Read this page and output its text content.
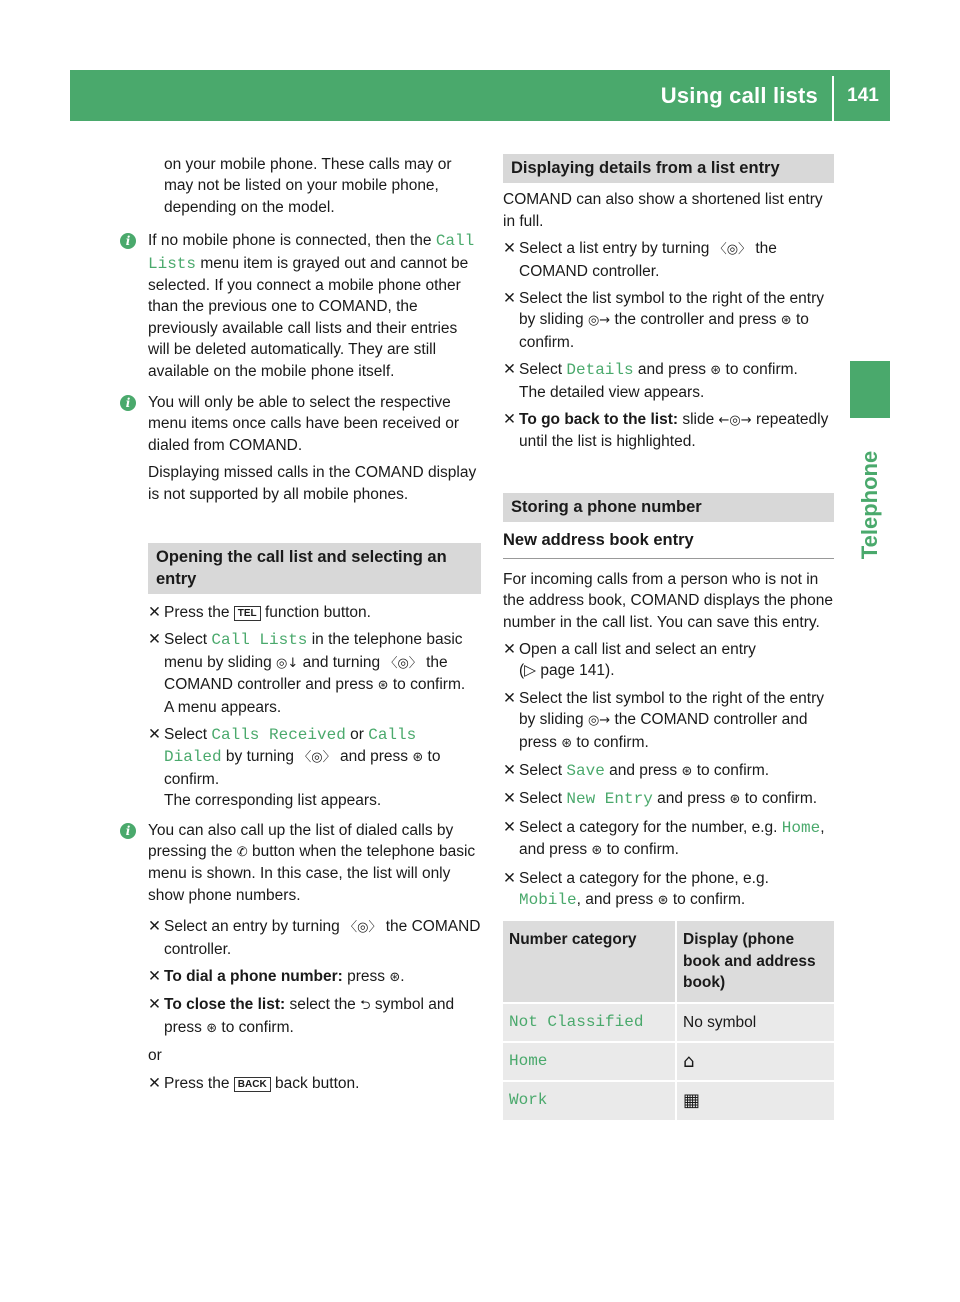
Using call lists	141
Telephone

on your mobile phone. These calls may or may not be listed on your mobile phone, depending on the model.

i	If no mobile phone is connected, then the Call Lists menu item is grayed out and cannot be selected. If you connect a mobile phone other than the previous one to COMAND, the previously available call lists and their entries will be deleted automatically. They are still available on the mobile phone itself.
i	You will only be able to select the respective menu items once calls have been received or dialed from COMAND.
Displaying missed calls in the COMAND display is not supported by all mobile phones.
Opening the call list and selecting an entry
✕ Press the TEL function button.
✕ Select Call Lists in the telephone basic menu by sliding ◎↓ and turning 〈◎〉 the COMAND controller and press ⊛ to confirm.
A menu appears.
✕ Select Calls Received or Calls Dialed by turning 〈◎〉 and press ⊛ to confirm.
The corresponding list appears.
i	You can also call up the list of dialed calls by pressing the ✆ button when the telephone basic menu is shown. In this case, the list will only show phone numbers.
✕ Select an entry by turning 〈◎〉 the COMAND controller.
✕ To dial a phone number: press ⊛.
✕ To close the list: select the ⮌ symbol and press ⊛ to confirm.

or

✕ Press the BACK back button.
Displaying details from a list entry

COMAND can also show a shortened list entry in full.

✕ Select a list entry by turning 〈◎〉 the COMAND controller.
✕ Select the list symbol to the right of the entry by sliding ◎→ the controller and press ⊛ to confirm.
✕ Select Details and press ⊛ to confirm.
The detailed view appears.
✕ To go back to the list: slide ←◎→ repeatedly until the list is highlighted.
Storing a phone number
New address book entry

For incoming calls from a person who is not in the address book, COMAND displays the phone number in the call list. You can save this entry.

✕ Open a call list and select an entry
(▷ page 141).
✕ Select the list symbol to the right of the entry by sliding ◎→ the COMAND controller and press ⊛ to confirm.
✕ Select Save and press ⊛ to confirm.
✕ Select New Entry and press ⊛ to confirm.
✕ Select a category for the number, e.g. Home, and press ⊛ to confirm.
✕ Select a category for the phone, e.g. Mobile, and press ⊛ to confirm.
Number category	Display (phone book and address book)
Not Classified	No symbol
Home	⌂
Work	▦
